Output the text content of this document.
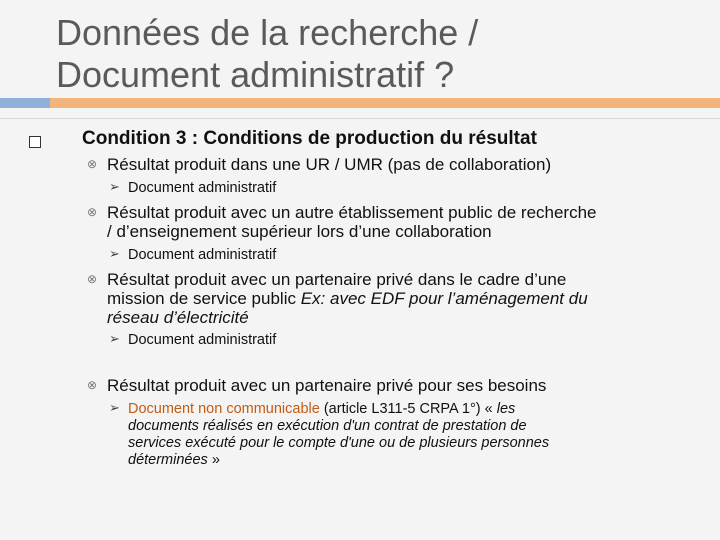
Données de la recherche /
Document administratif ?
Condition 3 : Conditions de production du résultat
⊗ Résultat produit dans une UR / UMR (pas de collaboration)
➢ Document administratif
⊗ Résultat produit avec un autre établissement public de recherche
/ d’enseignement supérieur lors d’une collaboration
➢ Document administratif
⊗ Résultat produit avec un partenaire privé dans le cadre d’une
mission de service public Ex: avec EDF pour l’aménagement du
réseau d’électricité
➢ Document administratif
⊗ Résultat produit avec un partenaire privé pour ses besoins
➢ Document non communicable (article L311-5 CRPA 1°) « les
documents réalisés en exécution d'un contrat de prestation de
services exécuté pour le compte d'une ou de plusieurs personnes
déterminées »
